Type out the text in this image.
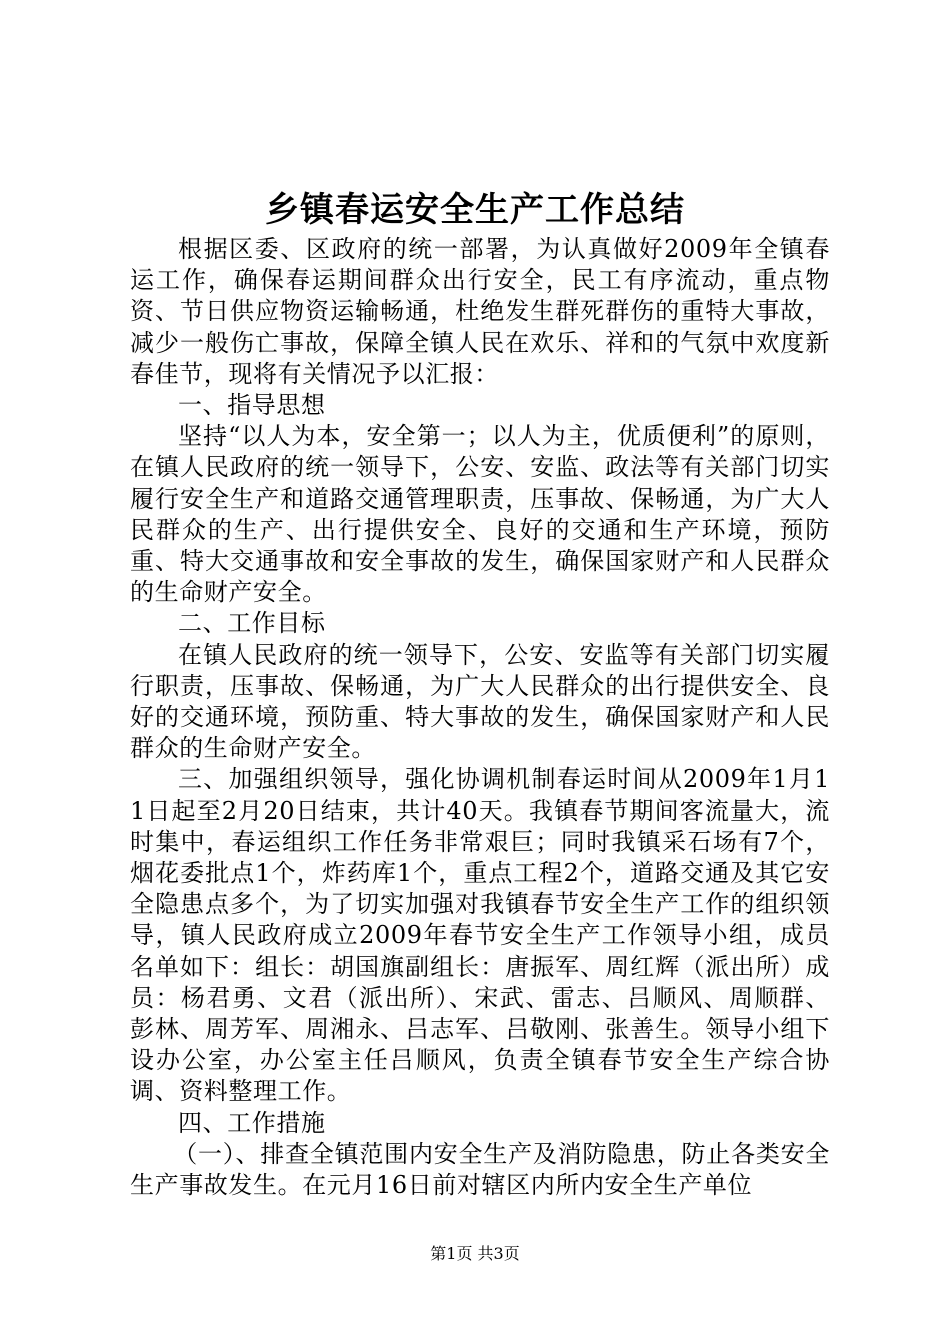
乡镇春运安全生产工作总结

根据区委、区政府的统一部署，为认真做好2009年全镇春运工作，确保春运期间群众出行安全，民工有序流动，重点物资、节日供应物资运输畅通，杜绝发生群死群伤的重特大事故，减少一般伤亡事故，保障全镇人民在欢乐、祥和的气氛中欢度新春佳节，现将有关情况予以汇报：

一、指导思想

坚持“以人为本，安全第一；以人为主，优质便利”的原则，在镇人民政府的统一领导下，公安、安监、政法等有关部门切实履行安全生产和道路交通管理职责，压事故、保畅通，为广大人民群众的生产、出行提供安全、良好的交通和生产环境，预防重、特大交通事故和安全事故的发生，确保国家财产和人民群众的生命财产安全。

二、工作目标

在镇人民政府的统一领导下，公安、安监等有关部门切实履行职责，压事故、保畅通，为广大人民群众的出行提供安全、良好的交通环境，预防重、特大事故的发生，确保国家财产和人民群众的生命财产安全。

三、加强组织领导，强化协调机制春运时间从2009年1月11日起至2月20日结束，共计40天。我镇春节期间客流量大，流时集中，春运组织工作任务非常艰巨；同时我镇采石场有7个，烟花委批点1个，炸药库1个，重点工程2个，道路交通及其它安全隐患点多个，为了切实加强对我镇春节安全生产工作的组织领导，镇人民政府成立2009年春节安全生产工作领导小组，成员名单如下：组长：胡国旗副组长：唐振军、周红辉（派出所）成员：杨君勇、文君（派出所）、宋武、雷志、吕顺风、周顺群、彭林、周芳军、周湘永、吕志军、吕敬刚、张善生。领导小组下设办公室，办公室主任吕顺风，负责全镇春节安全生产综合协调、资料整理工作。

四、工作措施

（一）、排查全镇范围内安全生产及消防隐患，防止各类安全生产事故发生。在元月16日前对辖区内所内安全生产单位

第1页 共3页
